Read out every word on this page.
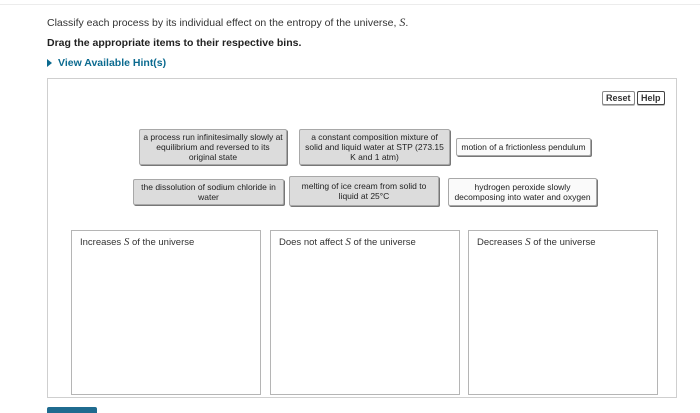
Classify each process by its individual effect on the entropy of the universe, S.
Drag the appropriate items to their respective bins.
View Available Hint(s)
Reset	Help
a process run infinitesimally slowly at equilibrium and reversed to its original state
a constant composition mixture of solid and liquid water at STP (273.15 K and 1 atm)
motion of a frictionless pendulum
the dissolution of sodium chloride in water
melting of ice cream from solid to liquid at 25°C
hydrogen peroxide slowly decomposing into water and oxygen
Increases S of the universe	Does not affect S of the universe	Decreases S of the universe
